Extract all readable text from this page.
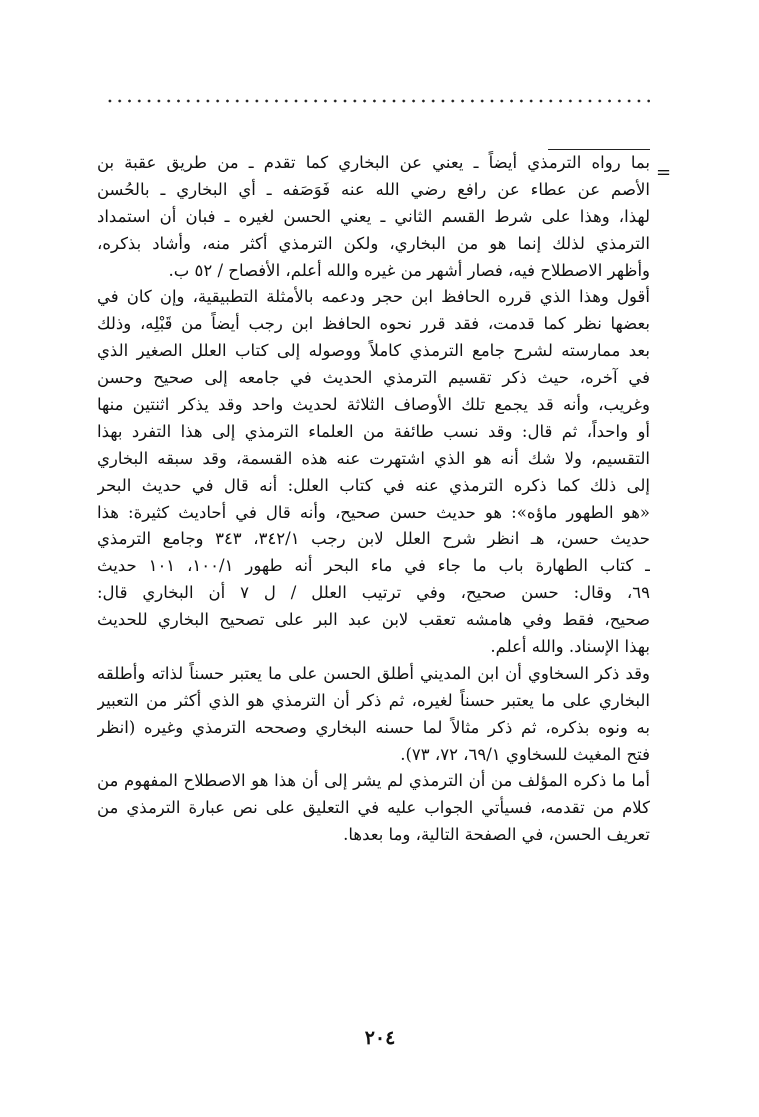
=
بما رواه الترمذي أيضاً ـ يعني عن البخاري كما تقدم ـ من طريق عقبة بن
الأصم عن عطاء عن رافع رضي الله عنه فَوَصَفه ـ أي البخاري ـ بالحُسن
لهذا، وهذا على شرط القسم الثاني ـ يعني الحسن لغيره ـ فبان أن استمداد
الترمذي لذلك إنما هو من البخاري، ولكن الترمذي أكثر منه، وأشاد بذكره،
وأظهر الاصطلاح فيه، فصار أشهر من غيره والله أعلم، الأفصاح / ٥٢ ب.
أقول وهذا الذي قرره الحافظ ابن حجر ودعمه بالأمثلة التطبيقية، وإن كان في
بعضها نظر كما قدمت، فقد قرر نحوه الحافظ ابن رجب أيضاً من قَبْلِه، وذلك
بعد ممارسته لشرح جامع الترمذي كاملاً ووصوله إلى كتاب العلل الصغير الذي
في آخره، حيث ذكر تقسيم الترمذي الحديث في جامعه إلى صحيح وحسن
وغريب، وأنه قد يجمع تلك الأوصاف الثلاثة لحديث واحد وقد يذكر اثنتين منها
أو واحداً، ثم قال: وقد نسب طائفة من العلماء الترمذي إلى هذا التفرد بهذا
التقسيم، ولا شك أنه هو الذي اشتهرت عنه هذه القسمة، وقد سبقه البخاري
إلى ذلك كما ذكره الترمذي عنه في كتاب العلل: أنه قال في حديث البحر
«هو الطهور ماؤه»: هو حديث حسن صحيح، وأنه قال في أحاديث كثيرة: هذا
حديث حسن، هـ انظر شرح العلل لابن رجب ٣٤٢/١، ٣٤٣ وجامع الترمذي
ـ كتاب الطهارة باب ما جاء في ماء البحر أنه طهور ١٠٠/١، ١٠١ حديث
٦٩، وقال: حسن صحيح، وفي ترتيب العلل / ل ٧ أن البخاري قال:
صحيح، فقط وفي هامشه تعقب لابن عبد البر على تصحيح البخاري للحديث
بهذا الإسناد. والله أعلم.
وقد ذكر السخاوي أن ابن المديني أطلق الحسن على ما يعتبر حسناً لذاته وأطلقه
البخاري على ما يعتبر حسناً لغيره، ثم ذكر أن الترمذي هو الذي أكثر من التعبير
به ونوه بذكره، ثم ذكر مثالاً لما حسنه البخاري وصححه الترمذي وغيره (انظر
فتح المغيث للسخاوي ٦٩/١، ٧٢، ٧٣).
أما ما ذكره المؤلف من أن الترمذي لم يشر إلى أن هذا هو الاصطلاح المفهوم من
كلام من تقدمه، فسيأتي الجواب عليه في التعليق على نص عبارة الترمذي من
تعريف الحسن، في الصفحة التالية، وما بعدها.
٢٠٤
